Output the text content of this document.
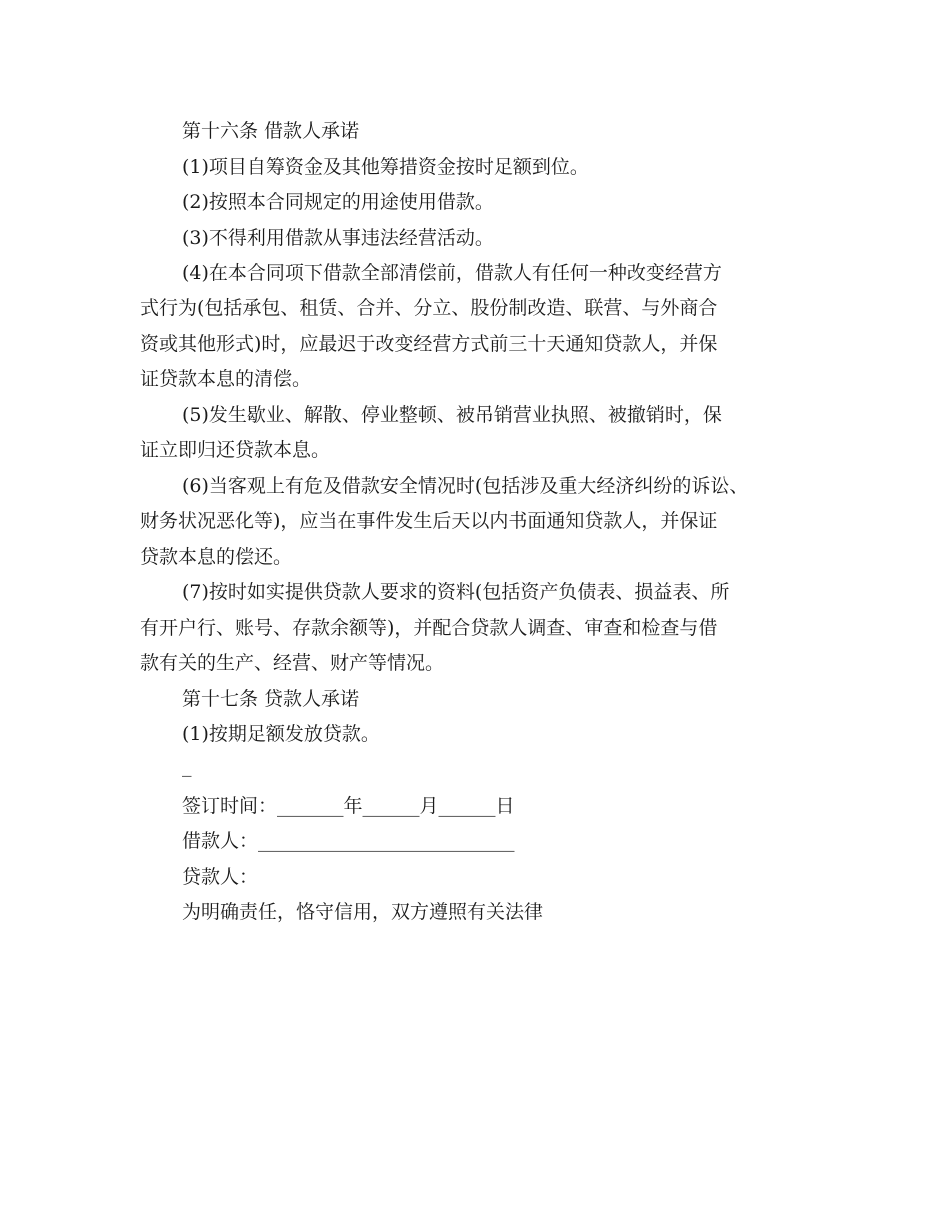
第十六条 借款人承诺
(1)项目自筹资金及其他筹措资金按时足额到位。
(2)按照本合同规定的用途使用借款。
(3)不得利用借款从事违法经营活动。
(4)在本合同项下借款全部清偿前，借款人有任何一种改变经营方
式行为(包括承包、租赁、合并、分立、股份制改造、联营、与外商合
资或其他形式)时，应最迟于改变经营方式前三十天通知贷款人，并保
证贷款本息的清偿。
(5)发生歇业、解散、停业整顿、被吊销营业执照、被撤销时，保
证立即归还贷款本息。
(6)当客观上有危及借款安全情况时(包括涉及重大经济纠纷的诉讼、
财务状况恶化等)，应当在事件发生后天以内书面通知贷款人，并保证
贷款本息的偿还。
(7)按时如实提供贷款人要求的资料(包括资产负债表、损益表、所
有开户行、账号、存款余额等)，并配合贷款人调查、审查和检查与借
款有关的生产、经营、财产等情况。
第十七条 贷款人承诺
(1)按期足额发放贷款。
_
签订时间：_______年______月______日
借款人：___________________________
贷款人：
为明确责任，恪守信用，双方遵照有关法律
